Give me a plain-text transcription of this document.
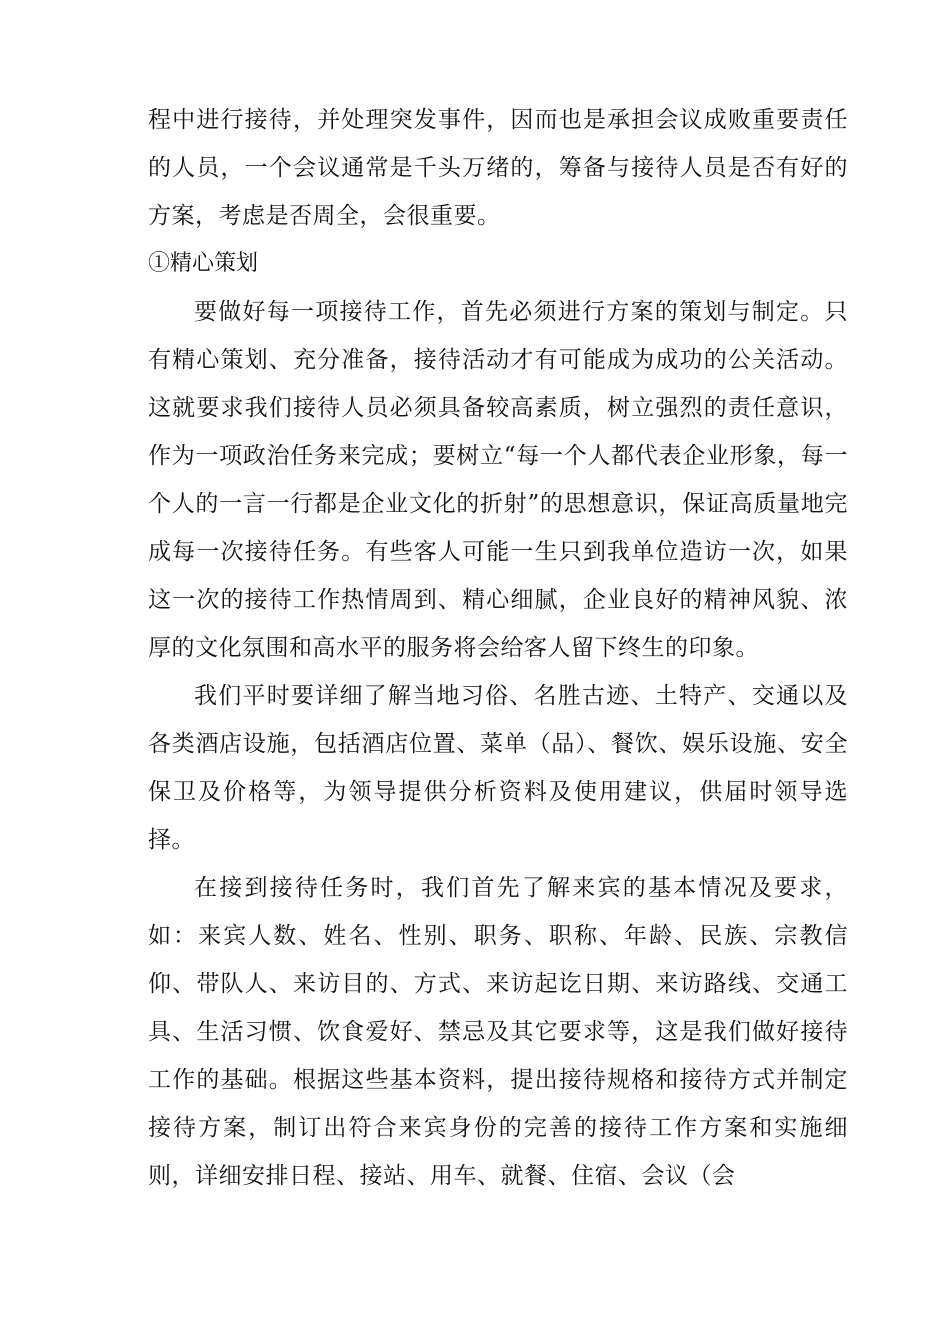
程中进行接待，并处理突发事件，因而也是承担会议成败重要责任的人员，一个会议通常是千头万绪的，筹备与接待人员是否有好的方案，考虑是否周全，会很重要。

①精心策划

要做好每一项接待工作，首先必须进行方案的策划与制定。只有精心策划、充分准备，接待活动才有可能成为成功的公关活动。这就要求我们接待人员必须具备较高素质，树立强烈的责任意识，作为一项政治任务来完成；要树立“每一个人都代表企业形象，每一个人的一言一行都是企业文化的折射”的思想意识，保证高质量地完成每一次接待任务。有些客人可能一生只到我单位造访一次，如果这一次的接待工作热情周到、精心细腻，企业良好的精神风貌、浓厚的文化氛围和高水平的服务将会给客人留下终生的印象。

我们平时要详细了解当地习俗、名胜古迹、土特产、交通以及各类酒店设施，包括酒店位置、菜单（品）、餐饮、娱乐设施、安全保卫及价格等，为领导提供分析资料及使用建议，供届时领导选择。

在接到接待任务时，我们首先了解来宾的基本情况及要求，如：来宾人数、姓名、性别、职务、职称、年龄、民族、宗教信仰、带队人、来访目的、方式、来访起讫日期、来访路线、交通工具、生活习惯、饮食爱好、禁忌及其它要求等，这是我们做好接待工作的基础。根据这些基本资料，提出接待规格和接待方式并制定接待方案，制订出符合来宾身份的完善的接待工作方案和实施细则，详细安排日程、接站、用车、就餐、住宿、会议（会
